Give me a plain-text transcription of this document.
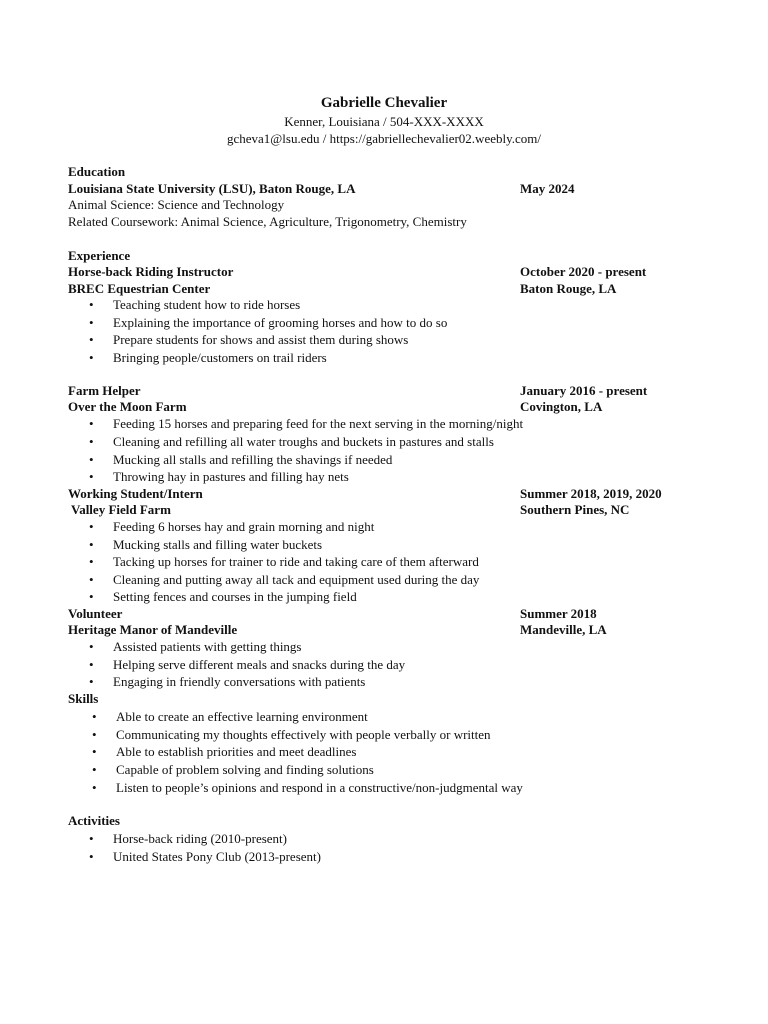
Gabrielle Chevalier
Kenner, Louisiana / 504-XXX-XXXX
gcheva1@lsu.edu / https://gabriellechevalier02.weebly.com/
Education
Louisiana State University (LSU), Baton Rouge, LA	May 2024
Animal Science: Science and Technology
Related Coursework: Animal Science, Agriculture, Trigonometry, Chemistry
Experience
Horse-back Riding Instructor	October 2020 - present
BREC Equestrian Center	Baton Rouge, LA
• Teaching student how to ride horses
• Explaining the importance of grooming horses and how to do so
• Prepare students for shows and assist them during shows
• Bringing people/customers on trail riders
Farm Helper	January 2016 - present
Over the Moon Farm	Covington, LA
• Feeding 15 horses and preparing feed for the next serving in the morning/night
• Cleaning and refilling all water troughs and buckets in pastures and stalls
• Mucking all stalls and refilling the shavings if needed
• Throwing hay in pastures and filling hay nets
Working Student/Intern	Summer 2018, 2019, 2020
Valley Field Farm	Southern Pines, NC
• Feeding 6 horses hay and grain morning and night
• Mucking stalls and filling water buckets
• Tacking up horses for trainer to ride and taking care of them afterward
• Cleaning and putting away all tack and equipment used during the day
• Setting fences and courses in the jumping field
Volunteer	Summer 2018
Heritage Manor of Mandeville	Mandeville, LA
• Assisted patients with getting things
• Helping serve different meals and snacks during the day
• Engaging in friendly conversations with patients
Skills
• Able to create an effective learning environment
• Communicating my thoughts effectively with people verbally or written
• Able to establish priorities and meet deadlines
• Capable of problem solving and finding solutions
• Listen to people’s opinions and respond in a constructive/non-judgmental way
Activities
• Horse-back riding (2010-present)
• United States Pony Club (2013-present)
